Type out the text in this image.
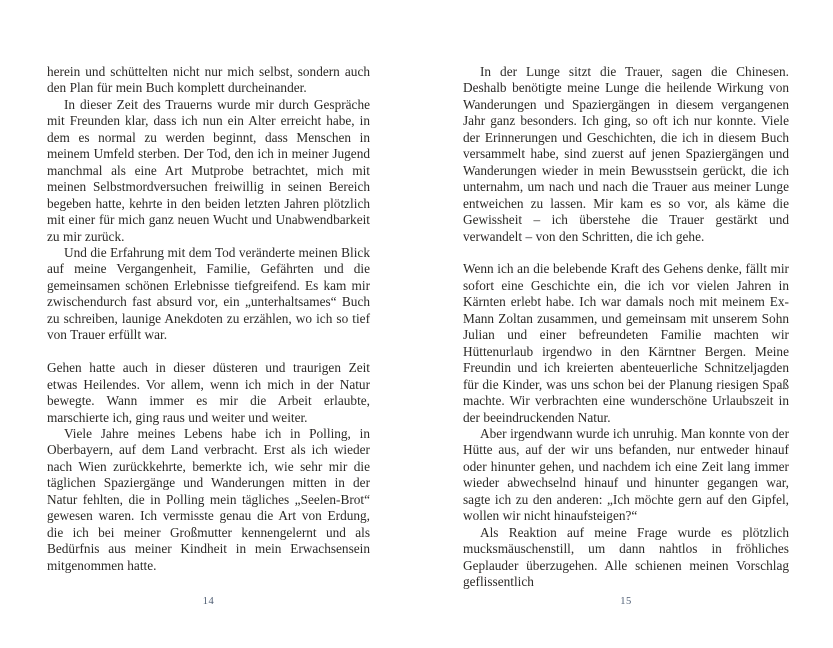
herein und schüttelten nicht nur mich selbst, sondern auch den Plan für mein Buch komplett durcheinander.

In dieser Zeit des Trauerns wurde mir durch Gespräche mit Freunden klar, dass ich nun ein Alter erreicht habe, in dem es normal zu werden beginnt, dass Menschen in meinem Umfeld sterben. Der Tod, den ich in meiner Jugend manchmal als eine Art Mutprobe betrachtet, mich mit meinen Selbstmordversuchen freiwillig in seinen Bereich begeben hatte, kehrte in den beiden letzten Jahren plötzlich mit einer für mich ganz neuen Wucht und Unabwendbarkeit zu mir zurück.

Und die Erfahrung mit dem Tod veränderte meinen Blick auf meine Vergangenheit, Familie, Gefährten und die gemeinsamen schönen Erlebnisse tiefgreifend. Es kam mir zwischendurch fast absurd vor, ein „unterhaltsames“ Buch zu schreiben, launige Anekdoten zu erzählen, wo ich so tief von Trauer erfüllt war.

Gehen hatte auch in dieser düsteren und traurigen Zeit etwas Heilendes. Vor allem, wenn ich mich in der Natur bewegte. Wann immer es mir die Arbeit erlaubte, marschierte ich, ging raus und weiter und weiter.

Viele Jahre meines Lebens habe ich in Polling, in Oberbayern, auf dem Land verbracht. Erst als ich wieder nach Wien zurückkehrte, bemerkte ich, wie sehr mir die täglichen Spaziergänge und Wanderungen mitten in der Natur fehlten, die in Polling mein tägliches „Seelen-Brot“ gewesen waren. Ich vermisste genau die Art von Erdung, die ich bei meiner Großmutter kennengelernt und als Bedürfnis aus meiner Kindheit in mein Erwachsensein mitgenommen hatte.

14

In der Lunge sitzt die Trauer, sagen die Chinesen. Deshalb benötigte meine Lunge die heilende Wirkung von Wanderungen und Spaziergängen in diesem vergangenen Jahr ganz besonders. Ich ging, so oft ich nur konnte. Viele der Erinnerungen und Geschichten, die ich in diesem Buch versammelt habe, sind zuerst auf jenen Spaziergängen und Wanderungen wieder in mein Bewusstsein gerückt, die ich unternahm, um nach und nach die Trauer aus meiner Lunge entweichen zu lassen. Mir kam es so vor, als käme die Gewissheit – ich überstehe die Trauer gestärkt und verwandelt – von den Schritten, die ich gehe.

Wenn ich an die belebende Kraft des Gehens denke, fällt mir sofort eine Geschichte ein, die ich vor vielen Jahren in Kärnten erlebt habe. Ich war damals noch mit meinem Ex-Mann Zoltan zusammen, und gemeinsam mit unserem Sohn Julian und einer befreundeten Familie machten wir Hüttenurlaub irgendwo in den Kärntner Bergen. Meine Freundin und ich kreierten abenteuerliche Schnitzeljagden für die Kinder, was uns schon bei der Planung riesigen Spaß machte. Wir verbrachten eine wunderschöne Urlaubszeit in der beeindruckenden Natur.

Aber irgendwann wurde ich unruhig. Man konnte von der Hütte aus, auf der wir uns befanden, nur entweder hinauf oder hinunter gehen, und nachdem ich eine Zeit lang immer wieder abwechselnd hinauf und hinunter gegangen war, sagte ich zu den anderen: „Ich möchte gern auf den Gipfel, wollen wir nicht hinaufsteigen?“

Als Reaktion auf meine Frage wurde es plötzlich mucksmäuschenstill, um dann nahtlos in fröhliches Geplauder überzugehen. Alle schienen meinen Vorschlag geflissentlich

15
